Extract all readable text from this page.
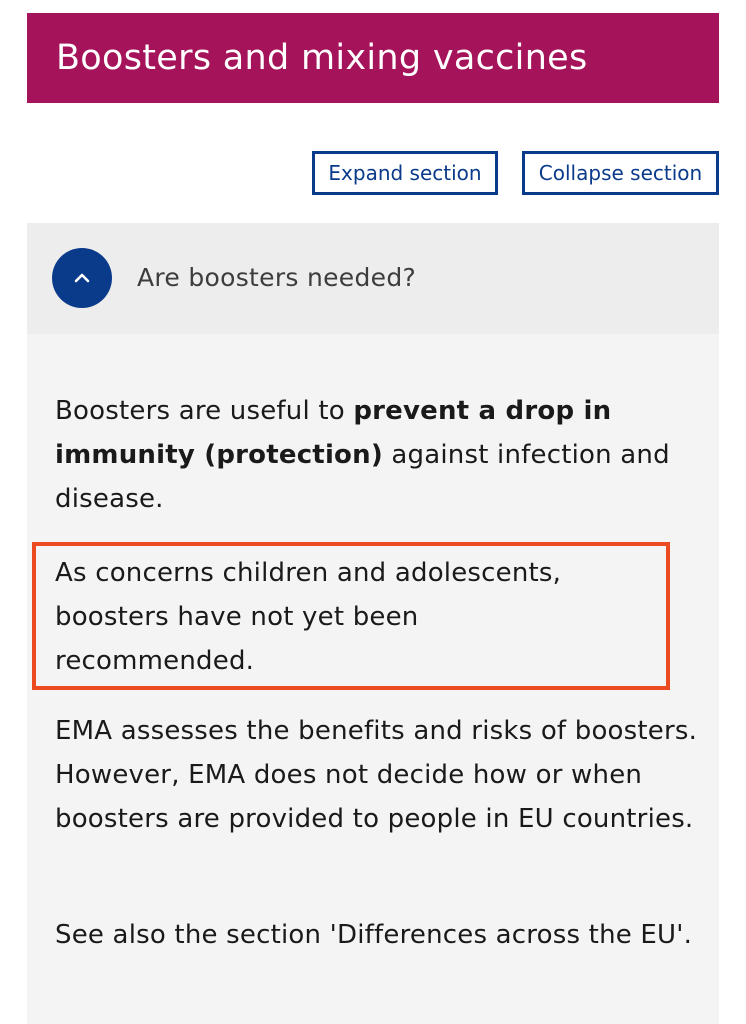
Boosters and mixing vaccines
Expand section	Collapse section
Are boosters needed?

Boosters are useful to prevent a drop in immunity (protection) against infection and disease.

As concerns children and adolescents, boosters have not yet been recommended.

EMA assesses the benefits and risks of boosters. However, EMA does not decide how or when boosters are provided to people in EU countries.

See also the section 'Differences across the EU'.
